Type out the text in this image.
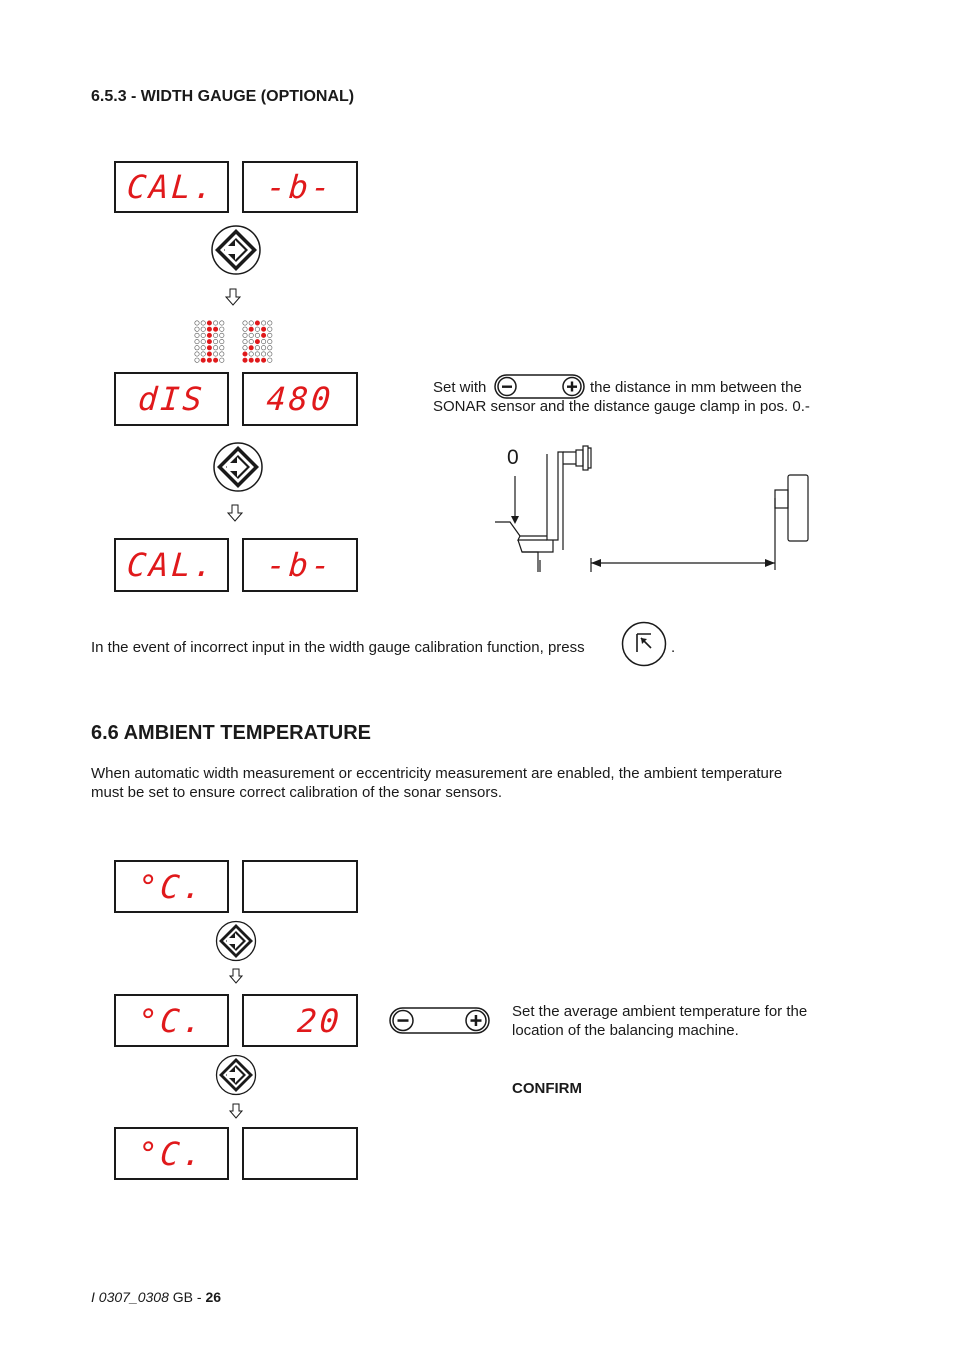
6.5.3 - WIDTH GAUGE (OPTIONAL)
CAL.	-b-
dIS	480
CAL.	-b-
Set with	the distance in mm between the
SONAR sensor and the distance gauge clamp in pos. 0.-
0
In the event of incorrect input in the width gauge calibration function, press	.
6.6 AMBIENT TEMPERATURE
When automatic width measurement or eccentricity measurement are enabled, the ambient temperature
must be set to ensure correct calibration of the sonar sensors.
°C.
°C.	20	Set the average ambient temperature for the
location of the balancing machine.
CONFIRM
°C.
I 0307_0308 GB - 26
